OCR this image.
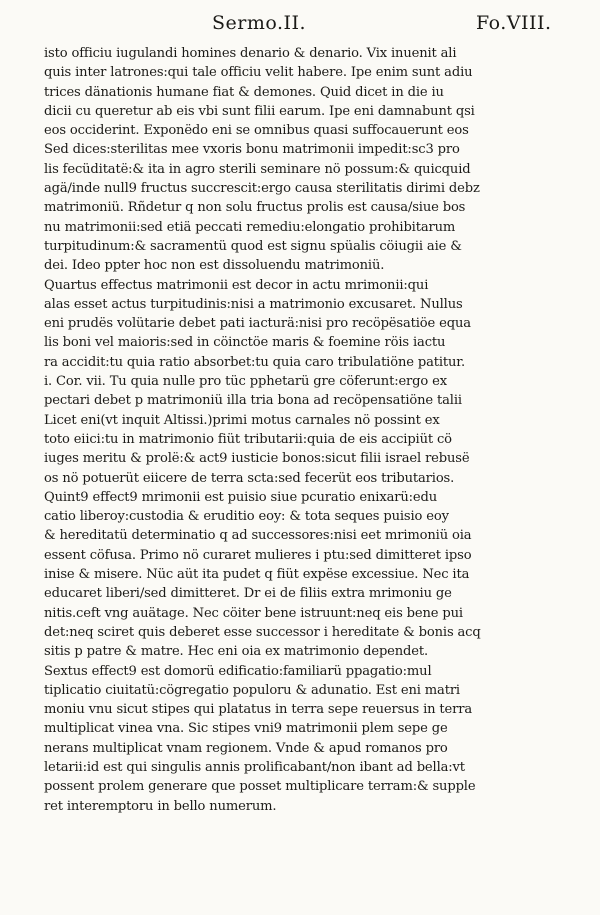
Sermo.II.	Fo.VIII.
isto officiu iugulandi homines denario & denario. Vix inuenit ali
quis inter latrones:qui tale officiu velit habere. Ipe enim sunt adiu
trices dänationis humane fiat & demones. Quid dicet in die iu
dicii cu queretur ab eis vbi sunt filii earum. Ipe eni damnabunt qsi
eos occiderint. Exponëdo eni se omnibus quasi suffocauerunt eos
Sed dices:sterilitas mee vxoris bonu matrimonii impedit:sc3 pro
lis fecüditatë:& ita in agro sterili seminare nö possum:& quicquid
agä/inde null9 fructus succrescit:ergo causa sterilitatis dirimi debz
matrimoniü. Rñdetur q non solu fructus prolis est causa/siue bos
nu matrimonii:sed etiä peccati remediu:elongatio prohibitarum
turpitudinum:& sacramentü quod est signu spüalis cöiugii aie &
dei. Ideo ppter hoc non est dissoluendu matrimoniü.
Quartus effectus matrimonii est decor in actu mrimonii:qui
alas esset actus turpitudinis:nisi a matrimonio excusaret. Nullus
eni prudës volütarie debet pati iacturä:nisi pro recöpësatiöe equa
lis boni vel maioris:sed in cöinctöe maris & foemine röis iactu
ra accidit:tu quia ratio absorbet:tu quia caro tribulatiöne patitur.
i. Cor. vii. Tu quia nulle pro tüc pphetarü gre cöferunt:ergo ex
pectari debet p matrimoniü illa tria bona ad recöpensatiöne talii
Licet eni(vt inquit Altissi.)primi motus carnales nö possint ex
toto eiici:tu in matrimonio fiüt tributarii:quia de eis accipiüt cö
iuges meritu & prolë:& act9 iusticie bonos:sicut filii israel rebusë
os nö potuerüt eiicere de terra scta:sed fecerüt eos tributarios.
Quint9 effect9 mrimonii est puisio siue pcuratio enixarü:edu
catio liberoy:custodia & eruditio eoy: & tota seques puisio eoy
& hereditatü determinatio q ad successores:nisi eet mrimoniü oia
essent cöfusa. Primo nö curaret mulieres i ptu:sed dimitteret ipso
inise & misere. Nüc aüt ita pudet q fiüt expëse excessiue. Nec ita
educaret liberi/sed dimitteret. Dr ei de filiis extra mrimoniu ge
nitis.ceft vng auätage. Nec cöiter bene istruunt:neq eis bene pui
det:neq sciret quis deberet esse successor i hereditate & bonis acq
sitis p patre & matre. Hec eni oia ex matrimonio dependet.
Sextus effect9 est domorü edificatio:familiarü ppagatio:mul
tiplicatio ciuitatü:cögregatio populoru & adunatio. Est eni matri
moniu vnu sicut stipes qui platatus in terra sepe reuersus in terra
multiplicat vinea vna. Sic stipes vni9 matrimonii plem sepe ge
nerans multiplicat vnam regionem. Vnde & apud romanos pro
letarii:id est qui singulis annis prolificabant/non ibant ad bella:vt
possent prolem generare que posset multiplicare terram:& supple
ret interemptoru in bello numerum.
